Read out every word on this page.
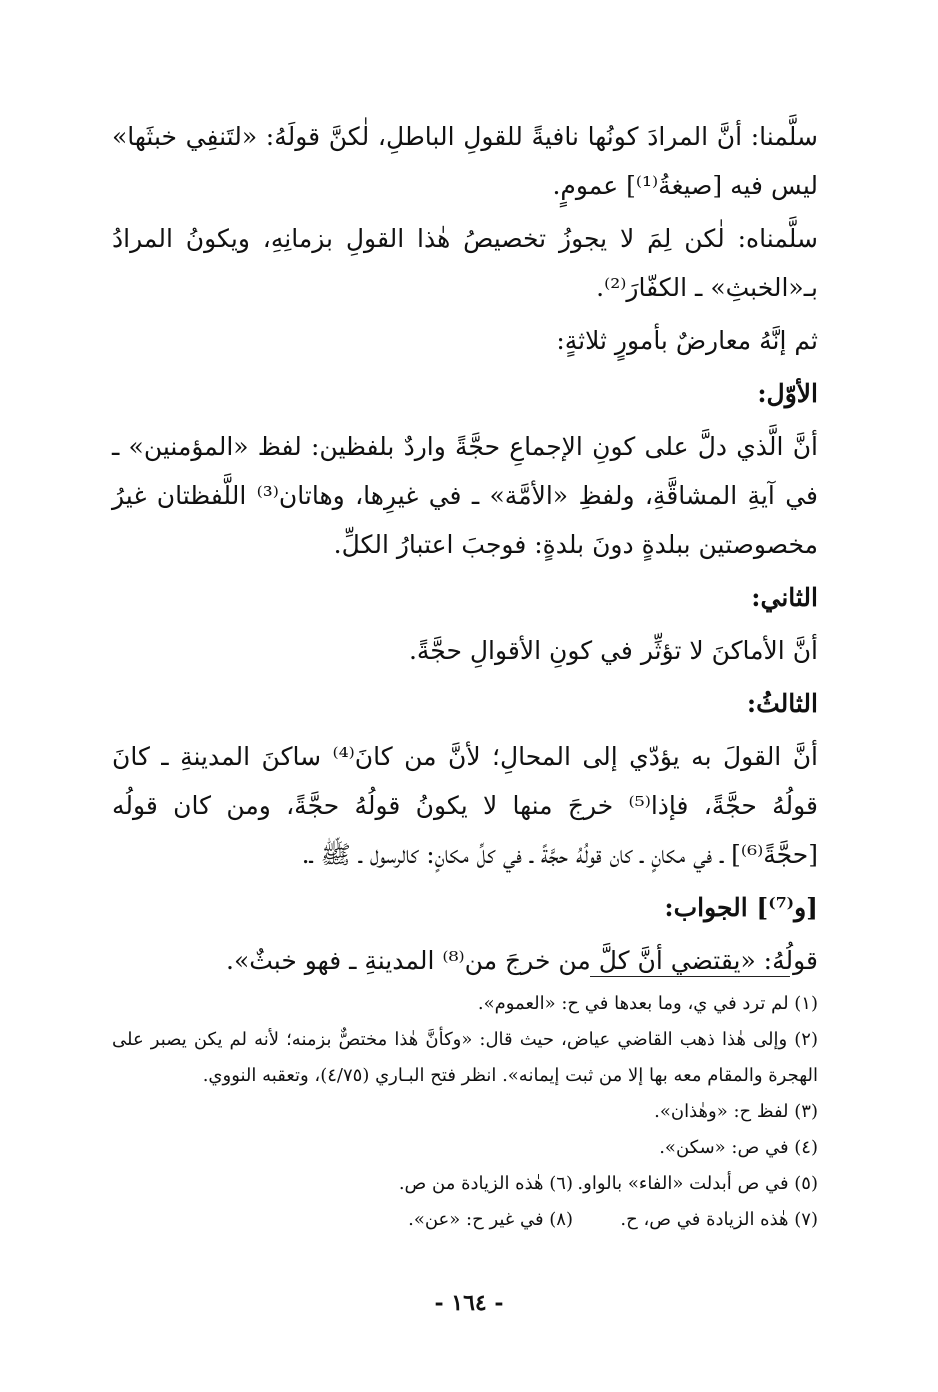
سلَّمنا: أنَّ المرادَ كونُها نافيةً للقولِ الباطلِ، لٰكنَّ قولَهُ: «لتَنفِي خبثَها» ليس فيه [صيغةُ⁽¹⁾] عمومٍ.

سلَّمناه: لٰكن لِمَ لا يجوزُ تخصيصُ هٰذا القولِ بزمانِهِ، ويكونُ المرادُ بـ«الخبثِ» ـ الكفّارَ⁽²⁾.

ثم إنَّهُ معارضٌ بأمورٍ ثلاثةٍ:

الأوّل:

أنَّ الَّذي دلَّ على كونِ الإجماعِ حجَّةً واردٌ بلفظين: لفظ «المؤمنين» ـ في آيةِ المشاقَّةِ، ولفظِ «الأمَّة» ـ في غيرِها، وهاتان⁽³⁾ اللَّفظتان غيرُ مخصوصتين ببلدةٍ دونَ بلدةٍ: فوجبَ اعتبارُ الكلِّ.

الثاني:

أنَّ الأماكنَ لا تؤثِّر في كونِ الأقوالِ حجَّةً.

الثالثُ:

أنَّ القولَ به يؤدّي إلى المحالِ؛ لأنَّ من كانَ⁽⁴⁾ ساكنَ المدينةِ ـ كانَ قولُهُ حجَّةً، فإذا⁽⁵⁾ خرجَ منها لا يكونُ قولُهُ حجَّةً، ومن كان قولُه [حجَّةً⁽⁶⁾] ـ في مكانٍ ـ كان قولُهُ حجَّةً ـ في كلِّ مكانٍ: كالرسول ـ ﷺ ـ.

[و⁽⁷⁾] الجواب:

قولُهُ: «يقتضي أنَّ كلَّ من خرجَ من⁽⁸⁾ المدينةِ ـ فهو خبثٌ».

(١) لم ترد في ي، وما بعدها في ح: «العموم».

(٢) وإلى هٰذا ذهب القاضي عياض، حيث قال: «وكأنَّ هٰذا مختصٌّ بزمنه؛ لأنه لم يكن يصبر على الهجرة والمقام معه بها إلا من ثبت إيمانه». انظر فتح البـاري (٤/٧٥)، وتعقبه النووي.

(٣) لفظ ح: «وهٰذان».

(٤) في ص: «سكن».

(٥) في ص أبدلت «الفاء» بالواو.
(٦) هٰذه الزيادة من ص.
(٧) هٰذه الزيادة في ص، ح.
(٨) في غير ح: «عن».
- ١٦٤ -
